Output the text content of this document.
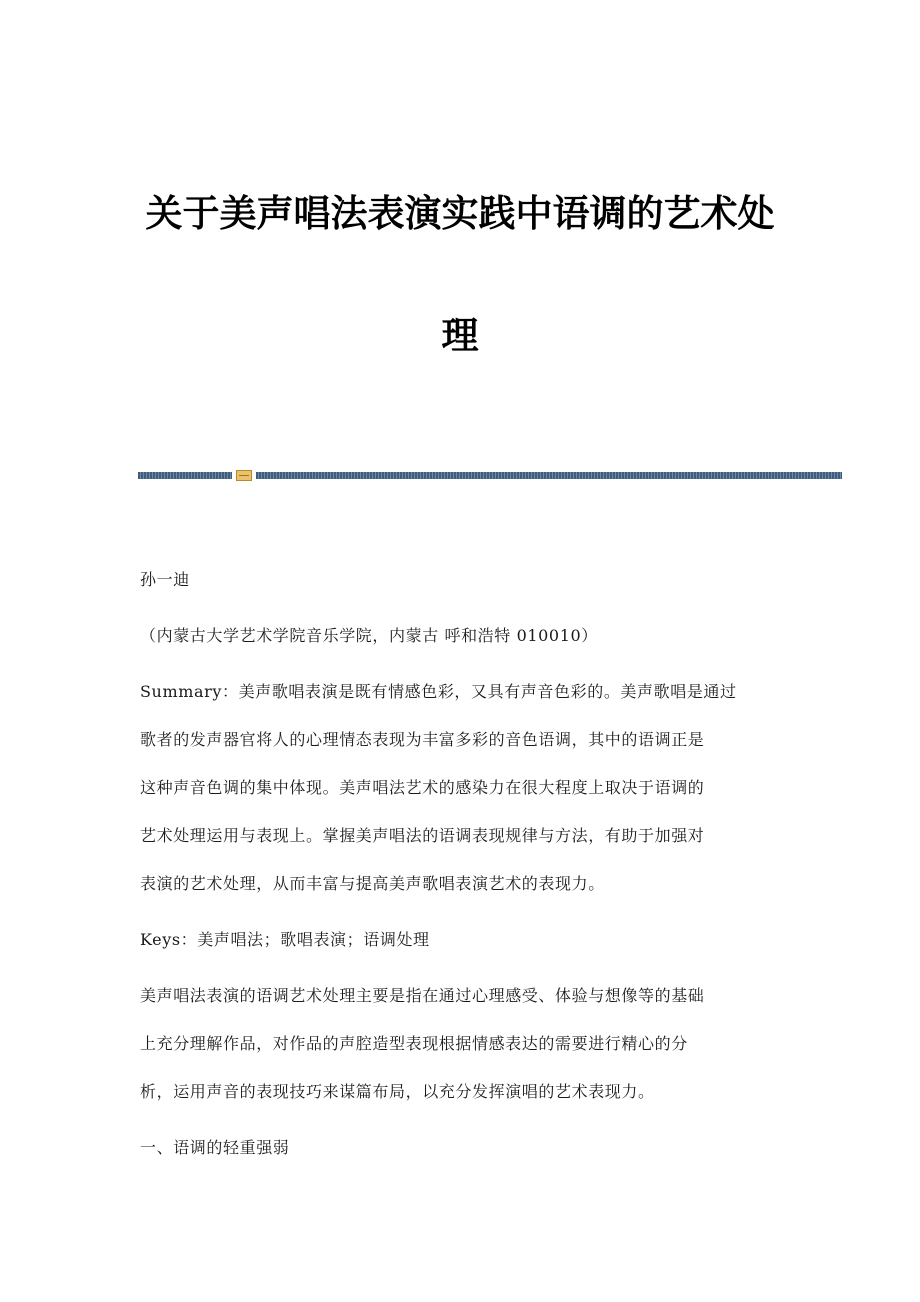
关于美声唱法表演实践中语调的艺术处
理
孙一迪
（内蒙古大学艺术学院音乐学院，内蒙古 呼和浩特 010010）
Summary：美声歌唱表演是既有情感色彩，又具有声音色彩的。美声歌唱是通过
歌者的发声器官将人的心理情态表现为丰富多彩的音色语调，其中的语调正是
这种声音色调的集中体现。美声唱法艺术的感染力在很大程度上取决于语调的
艺术处理运用与表现上。掌握美声唱法的语调表现规律与方法，有助于加强对
表演的艺术处理，从而丰富与提高美声歌唱表演艺术的表现力。
Keys：美声唱法；歌唱表演；语调处理
美声唱法表演的语调艺术处理主要是指在通过心理感受、体验与想像等的基础
上充分理解作品，对作品的声腔造型表现根据情感表达的需要进行精心的分
析，运用声音的表现技巧来谋篇布局，以充分发挥演唱的艺术表现力。
一、语调的轻重强弱
